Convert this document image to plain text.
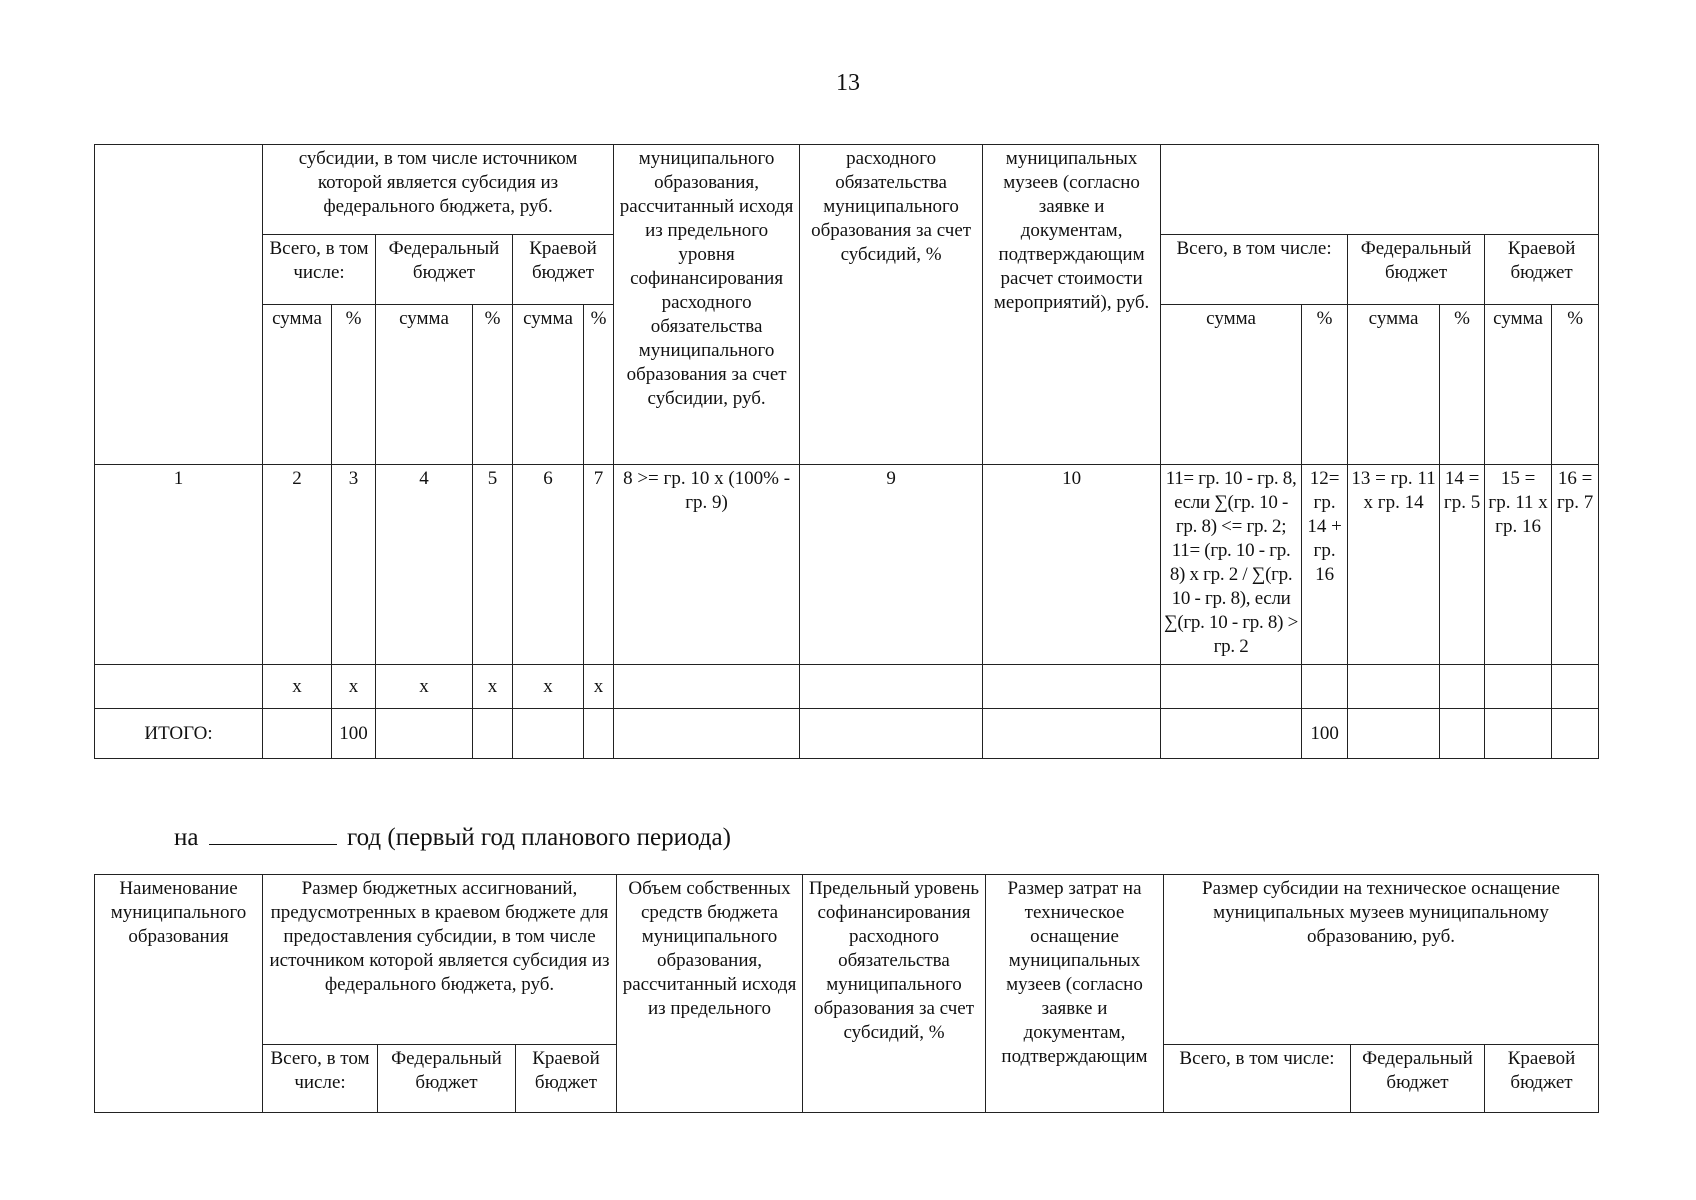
13
	субсидии, в том числе источником которой является субсидия из федерального бюджета, руб.						муниципального образования, рассчитанный исходя из предельного уровня софинансирования расходного обязательства муниципального образования за счет субсидии, руб.	расходного обязательства муниципального образования за счет субсидий, %	муниципальных музеев (согласно заявке и документам, подтверждающим расчет стоимости мероприятий), руб.						
	Всего, в том числе:		Федеральный бюджет		Краевой бюджет					Всего, в том числе:		Федеральный бюджет		Краевой бюджет	
	сумма	%	сумма	%	сумма	%				сумма	%	сумма	%	сумма	%
1	2	3	4	5	6	7	8 >= гр. 10 х (100% - гр. 9)	9	10	11= гр. 10 - гр. 8, если ∑(гр. 10 - гр. 8) <= гр. 2; 11= (гр. 10 - гр. 8) х гр. 2 / ∑(гр. 10 - гр. 8), если ∑(гр. 10 - гр. 8) > гр. 2	12= гр. 14 + гр. 16	13 = гр. 11 х гр. 14	14 = гр. 5	15 = гр. 11 х гр. 16	16 = гр. 7
	х	х	х	х	х	х									
ИТОГО:		100									100				
на	год (первый год планового периода)
Наименование муниципального образования	Размер бюджетных ассигнований, предусмотренных в краевом бюджете для предоставления субсидии, в том числе источником которой является субсидия из федерального бюджета, руб.			Объем собственных средств бюджета муниципального образования, рассчитанный исходя из предельного	Предельный уровень софинансирования расходного обязательства муниципального образования за счет субсидий, %	Размер затрат на техническое оснащение муниципальных музеев (согласно заявке и документам, подтверждающим	Размер субсидии на техническое оснащение муниципальных музеев муниципальному образованию, руб.		
	Всего, в том числе:	Федеральный бюджет	Краевой бюджет				Всего, в том числе:	Федеральный бюджет	Краевой бюджет
